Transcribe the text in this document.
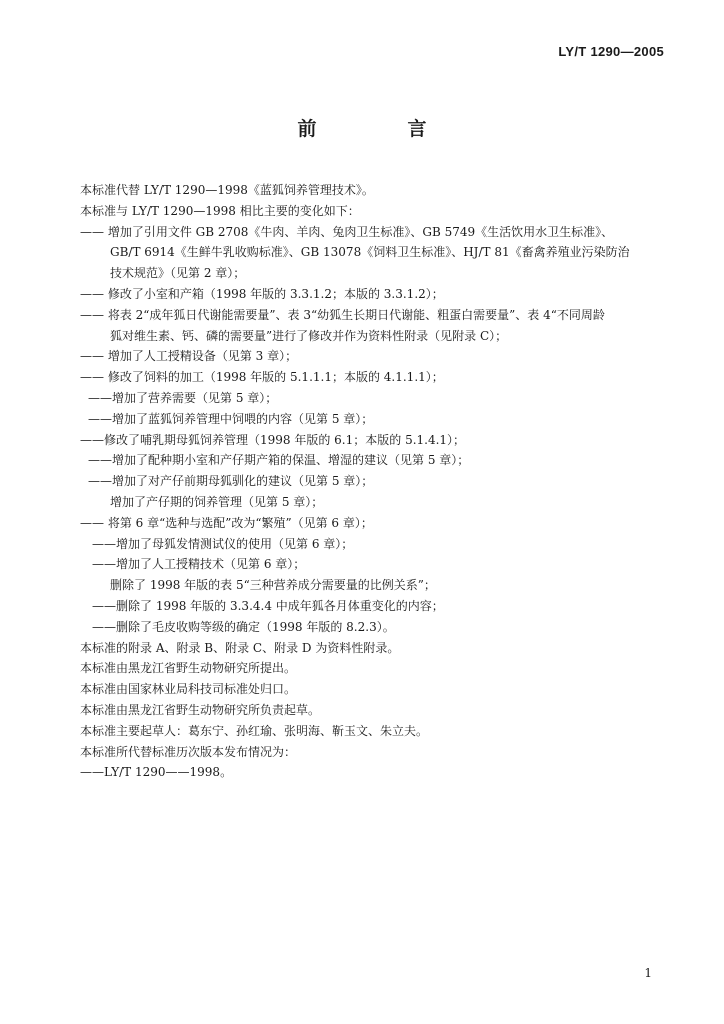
LY/T 1290—2005
前　言
本标准代替 LY/T 1290—1998《蓝狐饲养管理技术》。
本标准与 LY/T 1290—1998 相比主要的变化如下：
—— 增加了引用文件 GB 2708《牛肉、羊肉、兔肉卫生标准》、GB 5749《生活饮用水卫生标准》、
GB/T 6914《生鲜牛乳收购标准》、GB 13078《饲料卫生标准》、HJ/T 81《畜禽养殖业污染防治
技术规范》（见第 2 章）；
—— 修改了小室和产箱（1998 年版的 3.3.1.2；本版的 3.3.1.2）；
—— 将表 2“成年狐日代谢能需要量”、表 3“幼狐生长期日代谢能、粗蛋白需要量”、表 4“不同周龄
狐对维生素、钙、磷的需要量”进行了修改并作为资料性附录（见附录 C）；
—— 增加了人工授精设备（见第 3 章）；
—— 修改了饲料的加工（1998 年版的 5.1.1.1；本版的 4.1.1.1）；
——增加了营养需要（见第 5 章）；
——增加了蓝狐饲养管理中饲喂的内容（见第 5 章）；
——修改了哺乳期母狐饲养管理（1998 年版的 6.1；本版的 5.1.4.1）；
——增加了配种期小室和产仔期产箱的保温、增湿的建议（见第 5 章）；
——增加了对产仔前期母狐驯化的建议（见第 5 章）；
增加了产仔期的饲养管理（见第 5 章）；
—— 将第 6 章“选种与选配”改为“繁殖”（见第 6 章）；
——增加了母狐发情测试仪的使用（见第 6 章）；
——增加了人工授精技术（见第 6 章）；
删除了 1998 年版的表 5“三种营养成分需要量的比例关系”；
——删除了 1998 年版的 3.3.4.4 中成年狐各月体重变化的内容；
——删除了毛皮收购等级的确定（1998 年版的 8.2.3）。
本标准的附录 A、附录 B、附录 C、附录 D 为资料性附录。
本标准由黑龙江省野生动物研究所提出。
本标准由国家林业局科技司标准处归口。
本标准由黑龙江省野生动物研究所负责起草。
本标准主要起草人：葛东宁、孙红瑜、张明海、靳玉文、朱立夫。
本标准所代替标准历次版本发布情况为：
——LY/T 1290——1998。
1
